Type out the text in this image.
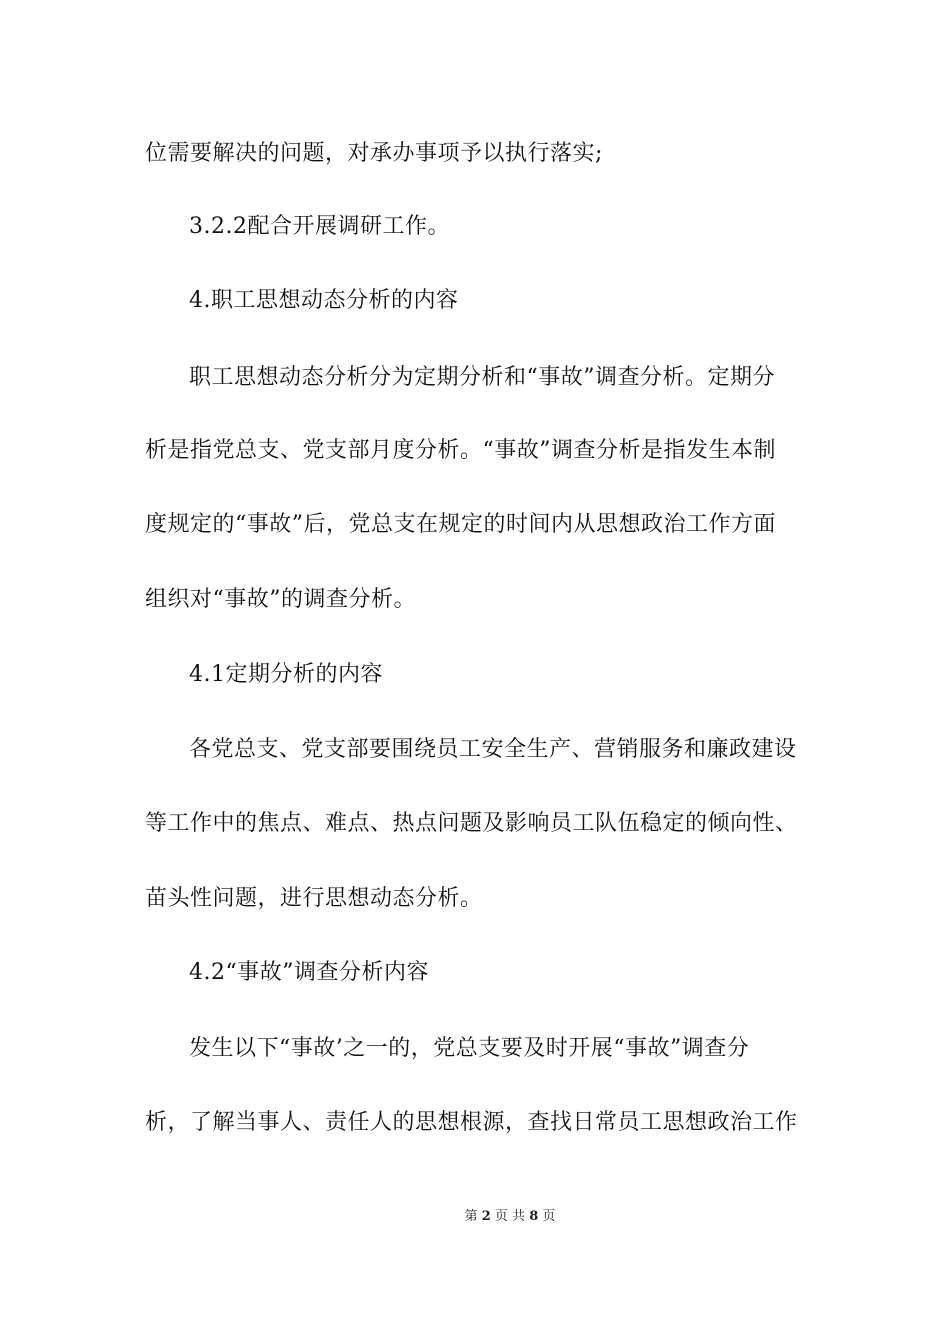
位需要解决的问题，对承办事项予以执行落实;
3.2.2配合开展调研工作。
4.职工思想动态分析的内容
职工思想动态分析分为定期分析和“事故”调查分析。定期分
析是指党总支、党支部月度分析。“事故”调查分析是指发生本制
度规定的“事故”后，党总支在规定的时间内从思想政治工作方面
组织对“事故”的调查分析。
4.1定期分析的内容
各党总支、党支部要围绕员工安全生产、营销服务和廉政建设
等工作中的焦点、难点、热点问题及影响员工队伍稳定的倾向性、
苗头性问题，进行思想动态分析。
4.2“事故”调查分析内容
发生以下“事故’之一的，党总支要及时开展“事故”调查分
析，了解当事人、责任人的思想根源，查找日常员工思想政治工作
第 2 页 共 8 页
